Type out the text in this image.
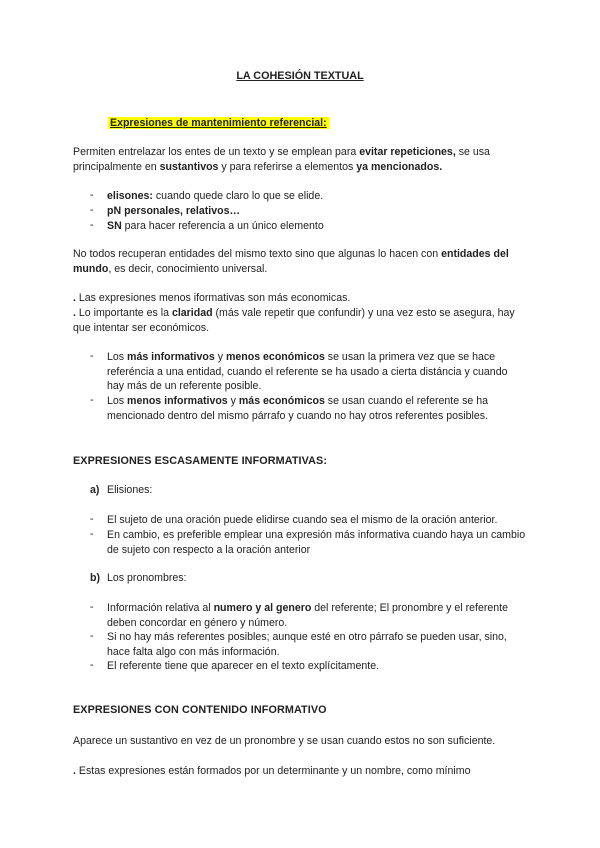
LA COHESIÓN TEXTUAL
Expresiones de mantenimiento referencial:
Permiten entrelazar los entes de un texto y se emplean para evitar repeticiones, se usa principalmente en sustantivos y para referirse a elementos ya mencionados.
- elisones: cuando quede claro lo que se elide.
- pN personales, relativos…
- SN para hacer referencia a un único elemento
No todos recuperan entidades del mismo texto sino que algunas lo hacen con entidades del mundo, es decir, conocimiento universal.
. Las expresiones menos iformativas son más economicas.
. Lo importante es la claridad (más vale repetir que confundir) y una vez esto se asegura, hay que intentar ser económicos.
- Los más informativos y menos económicos se usan la primera vez que se hace referéncia a una entidad, cuando el referente se ha usado a cierta distáncia y cuando hay más de un referente posible.
- Los menos informativos y más económicos se usan cuando el referente se ha mencionado dentro del mismo párrafo y cuando no hay otros referentes posibles.
EXPRESIONES ESCASAMENTE INFORMATIVAS:
a) Elisiones:
- El sujeto de una oración puede elidirse cuando sea el mismo de la oración anterior.
- En cambio, es preferible emplear una expresión más informativa cuando haya un cambio de sujeto con respecto a la oración anterior
b) Los pronombres:
- Información relativa al numero y al genero del referente; El pronombre y el referente deben concordar en género y número.
- Si no hay más referentes posibles; aunque esté en otro párrafo se pueden usar, sino, hace falta algo con más información.
- El referente tiene que aparecer en el texto explícitamente.
EXPRESIONES CON CONTENIDO INFORMATIVO
Aparece un sustantivo en vez de un pronombre y se usan cuando estos no son suficiente.
. Estas expresiones están formados por un determinante y un nombre, como mínimo
